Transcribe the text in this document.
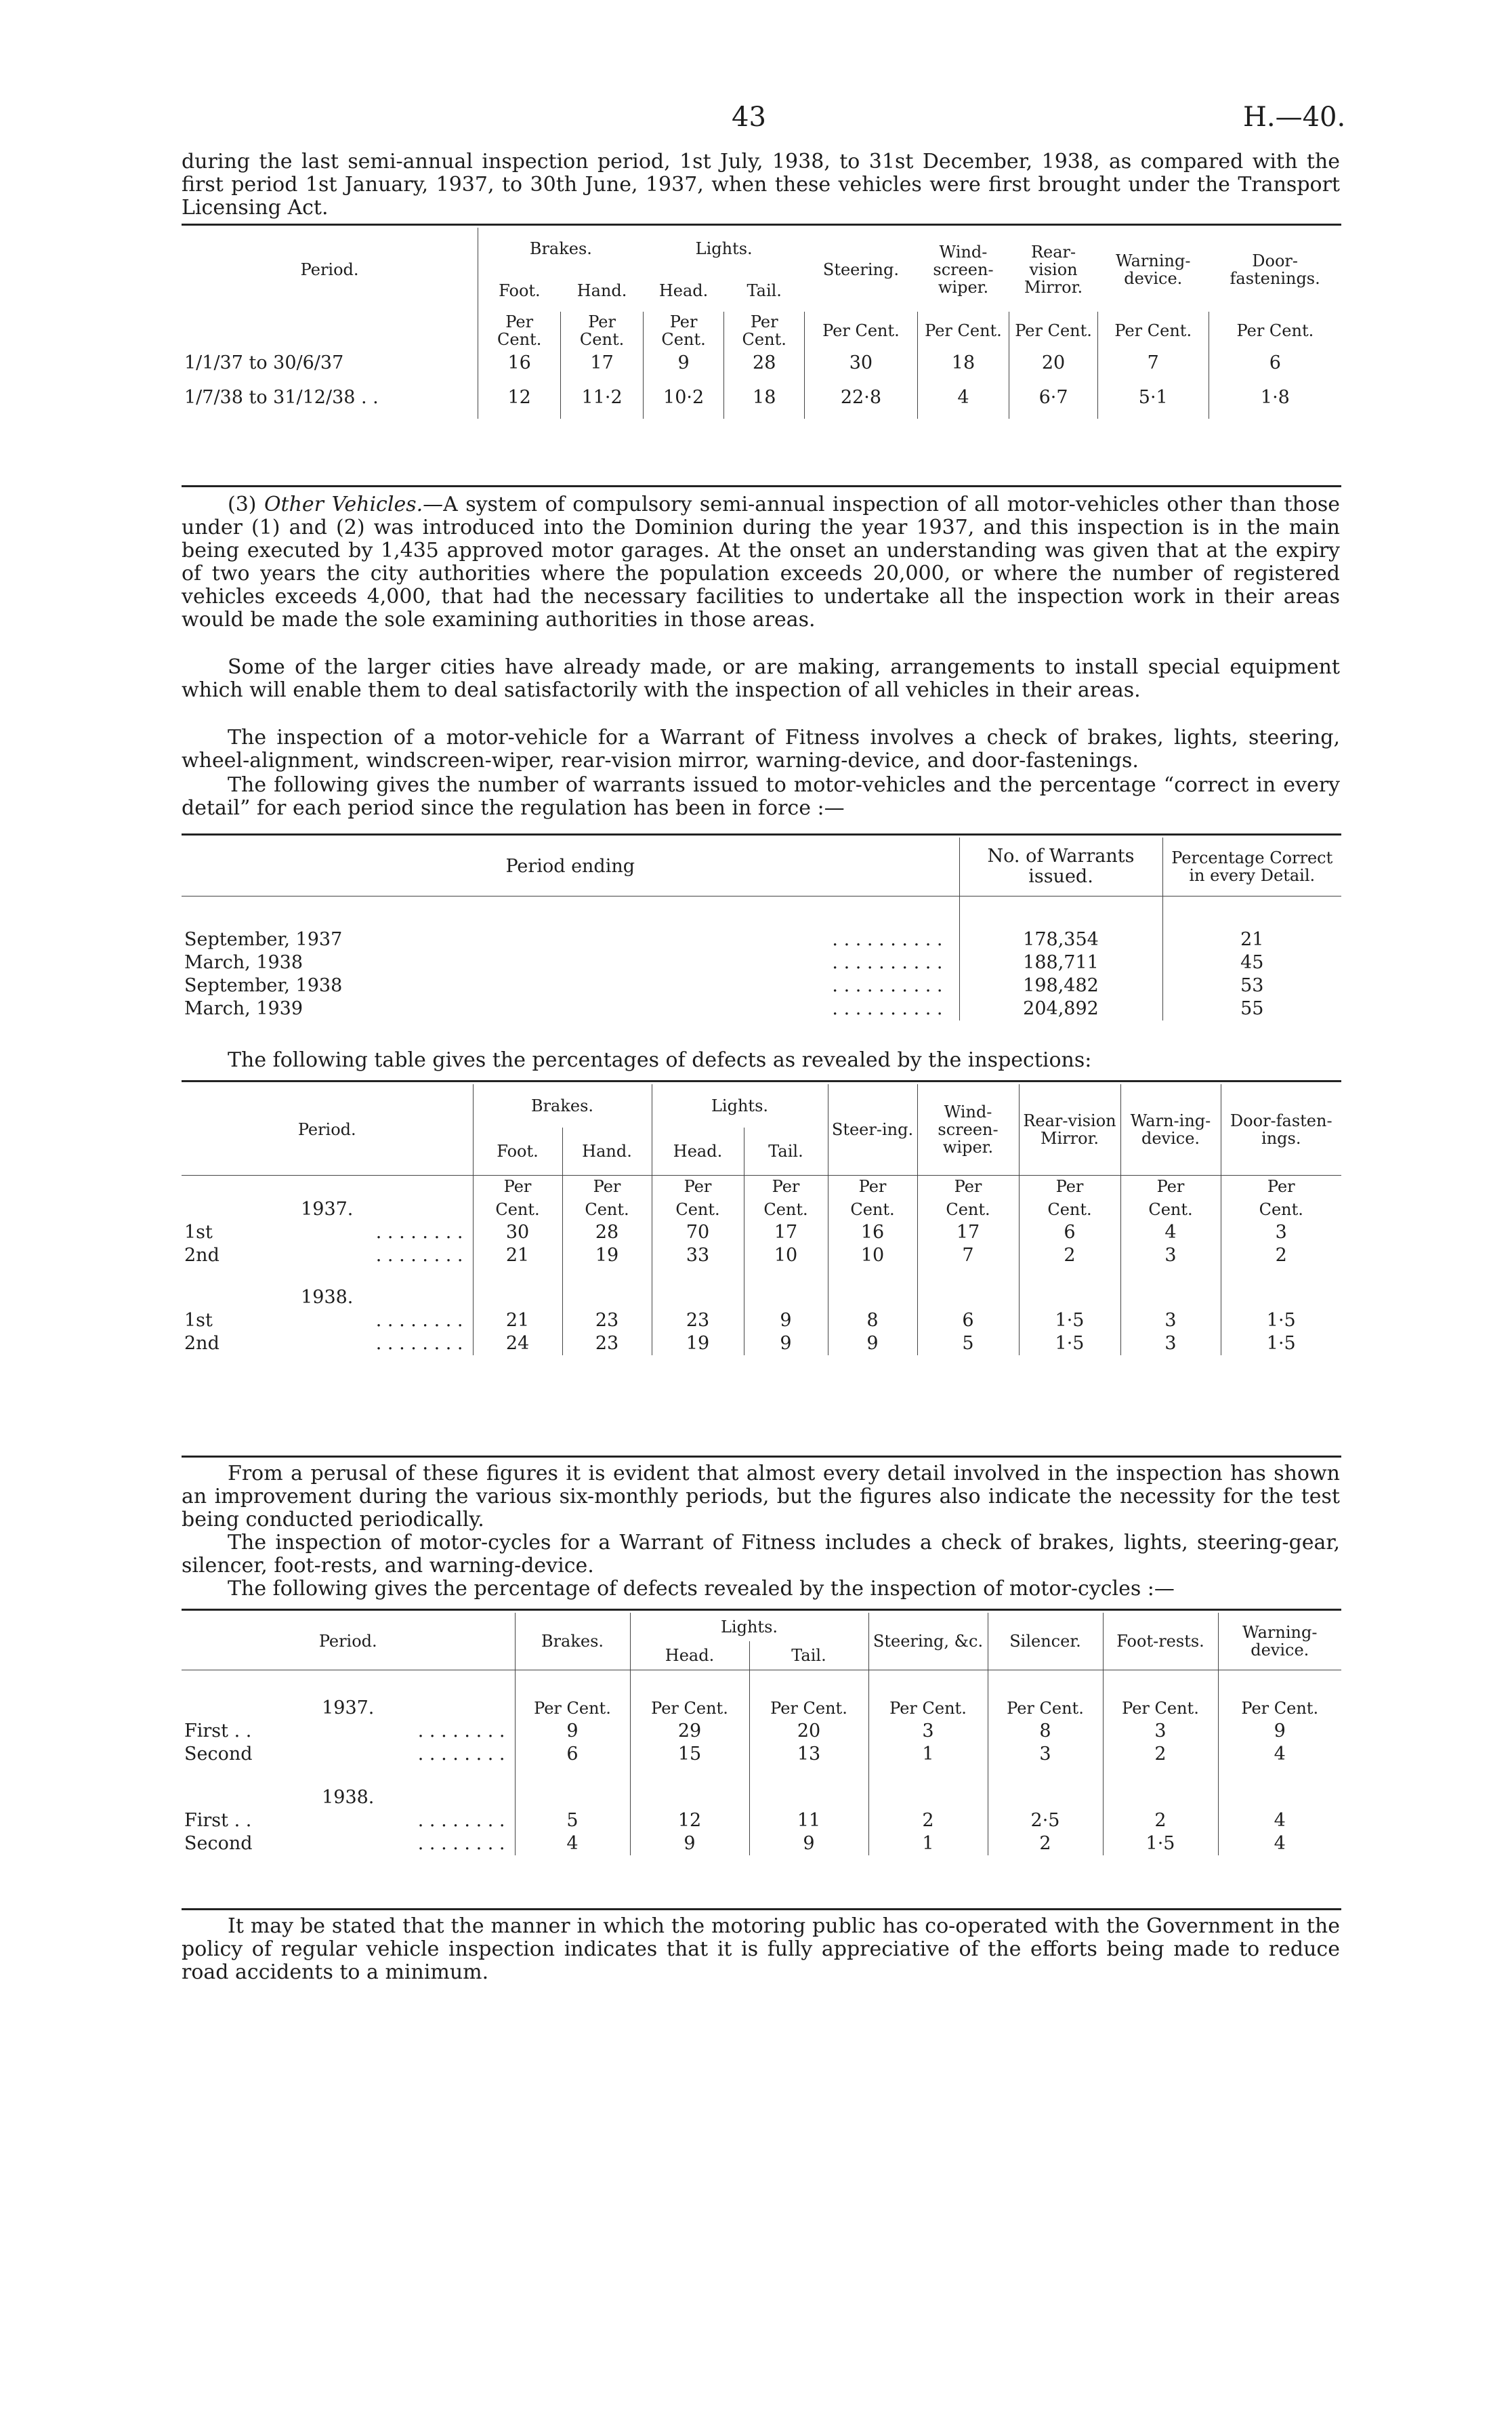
43	H.—40.

during the last semi-annual inspection period, 1st July, 1938, to 31st December, 1938, as compared with the first period 1st January, 1937, to 30th June, 1937, when these vehicles were first brought under the Transport Licensing Act.

Period.	Brakes.		Lights.		Steering.	Wind-screen-wiper.	Rear-vision Mirror.	Warning-device.	Door-fastenings.
	Foot.	Hand.	Head.	Tail.					
	Per Cent.	Per Cent.	Per Cent.	Per Cent.	Per Cent.	Per Cent.	Per Cent.	Per Cent.	Per Cent.
1/1/37 to 30/6/37	16	17	9	28	30	18	20	7	6
1/7/38 to 31/12/38 . .	12	11·2	10·2	18	22·8	4	6·7	5·1	1·8

(3) Other Vehicles.—A system of compulsory semi-annual inspection of all motor-vehicles other than those under (1) and (2) was introduced into the Dominion during the year 1937, and this inspection is in the main being executed by 1,435 approved motor garages. At the onset an understanding was given that at the expiry of two years the city authorities where the population exceeds 20,000, or where the number of registered vehicles exceeds 4,000, that had the necessary facilities to undertake all the inspection work in their areas would be made the sole examining authorities in those areas.

Some of the larger cities have already made, or are making, arrangements to install special equipment which will enable them to deal satisfactorily with the inspection of all vehicles in their areas.

The inspection of a motor-vehicle for a Warrant of Fitness involves a check of brakes, lights, steering, wheel-alignment, windscreen-wiper, rear-vision mirror, warning-device, and door-fastenings.

The following gives the number of warrants issued to motor-vehicles and the percentage “correct in every detail” for each period since the regulation has been in force :—

Period ending	No. of Warrants issued.	Percentage Correct in every Detail.

September, 1937 . . . . . . . . . .	178,354	21
March, 1938 . . . . . . . . . .	188,711	45
September, 1938 . . . . . . . . . .	198,482	53
March, 1939 . . . . . . . . . .	204,892	55

The following table gives the percentages of defects as revealed by the inspections:

Period.	Brakes.		Lights.		Steer-ing.	Wind-screen-wiper.	Rear-vision Mirror.	Warn-ing-device.	Door-fasten-ings.
	Foot.	Hand.	Head.	Tail.					
	Per	Per	Per	Per	Per	Per	Per	Per	Per
1937.	Cent.	Cent.	Cent.	Cent.	Cent.	Cent.	Cent.	Cent.	Cent.
1st . . . . . . . .	30	28	70	17	16	17	6	4	3
2nd . . . . . . . .	21	19	33	10	10	7	2	3	2

1938.									
1st . . . . . . . .	21	23	23	9	8	6	1·5	3	1·5
2nd . . . . . . . .	24	23	19	9	9	5	1·5	3	1·5

From a perusal of these figures it is evident that almost every detail involved in the inspection has shown an improvement during the various six-monthly periods, but the figures also indicate the necessity for the test being conducted periodically.

The inspection of motor-cycles for a Warrant of Fitness includes a check of brakes, lights, steering-gear, silencer, foot-rests, and warning-device.

The following gives the percentage of defects revealed by the inspection of motor-cycles :—

Period.	Brakes.	Lights.		Steering, &c.	Silencer.	Foot-rests.	Warning-device.
		Head.	Tail.				

1937.	Per Cent.	Per Cent.	Per Cent.	Per Cent.	Per Cent.	Per Cent.	Per Cent.
First . . . . . . . . . .	9	29	20	3	8	3	9
Second . . . . . . . .	6	15	13	1	3	2	4

1938.							
First . . . . . . . . . .	5	12	11	2	2·5	2	4
Second . . . . . . . .	4	9	9	1	2	1·5	4

It may be stated that the manner in which the motoring public has co-operated with the Government in the policy of regular vehicle inspection indicates that it is fully appreciative of the efforts being made to reduce road accidents to a minimum.
